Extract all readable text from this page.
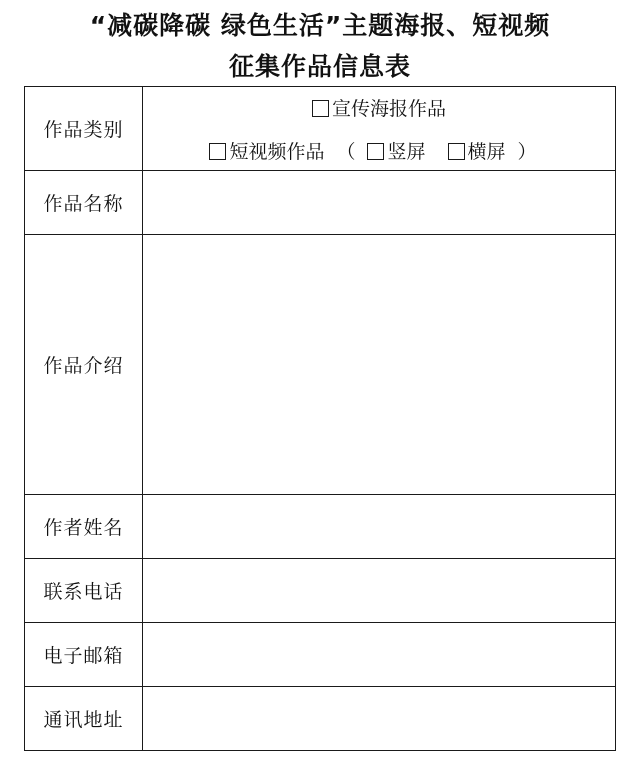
“减碳降碳 绿色生活”主题海报、短视频
征集作品信息表
作品类别	宣传海报作品
短视频作品 （ 竖屏 横屏 ）

作品名称	
作品介绍	
作者姓名	
联系电话	
电子邮箱	
通讯地址	
